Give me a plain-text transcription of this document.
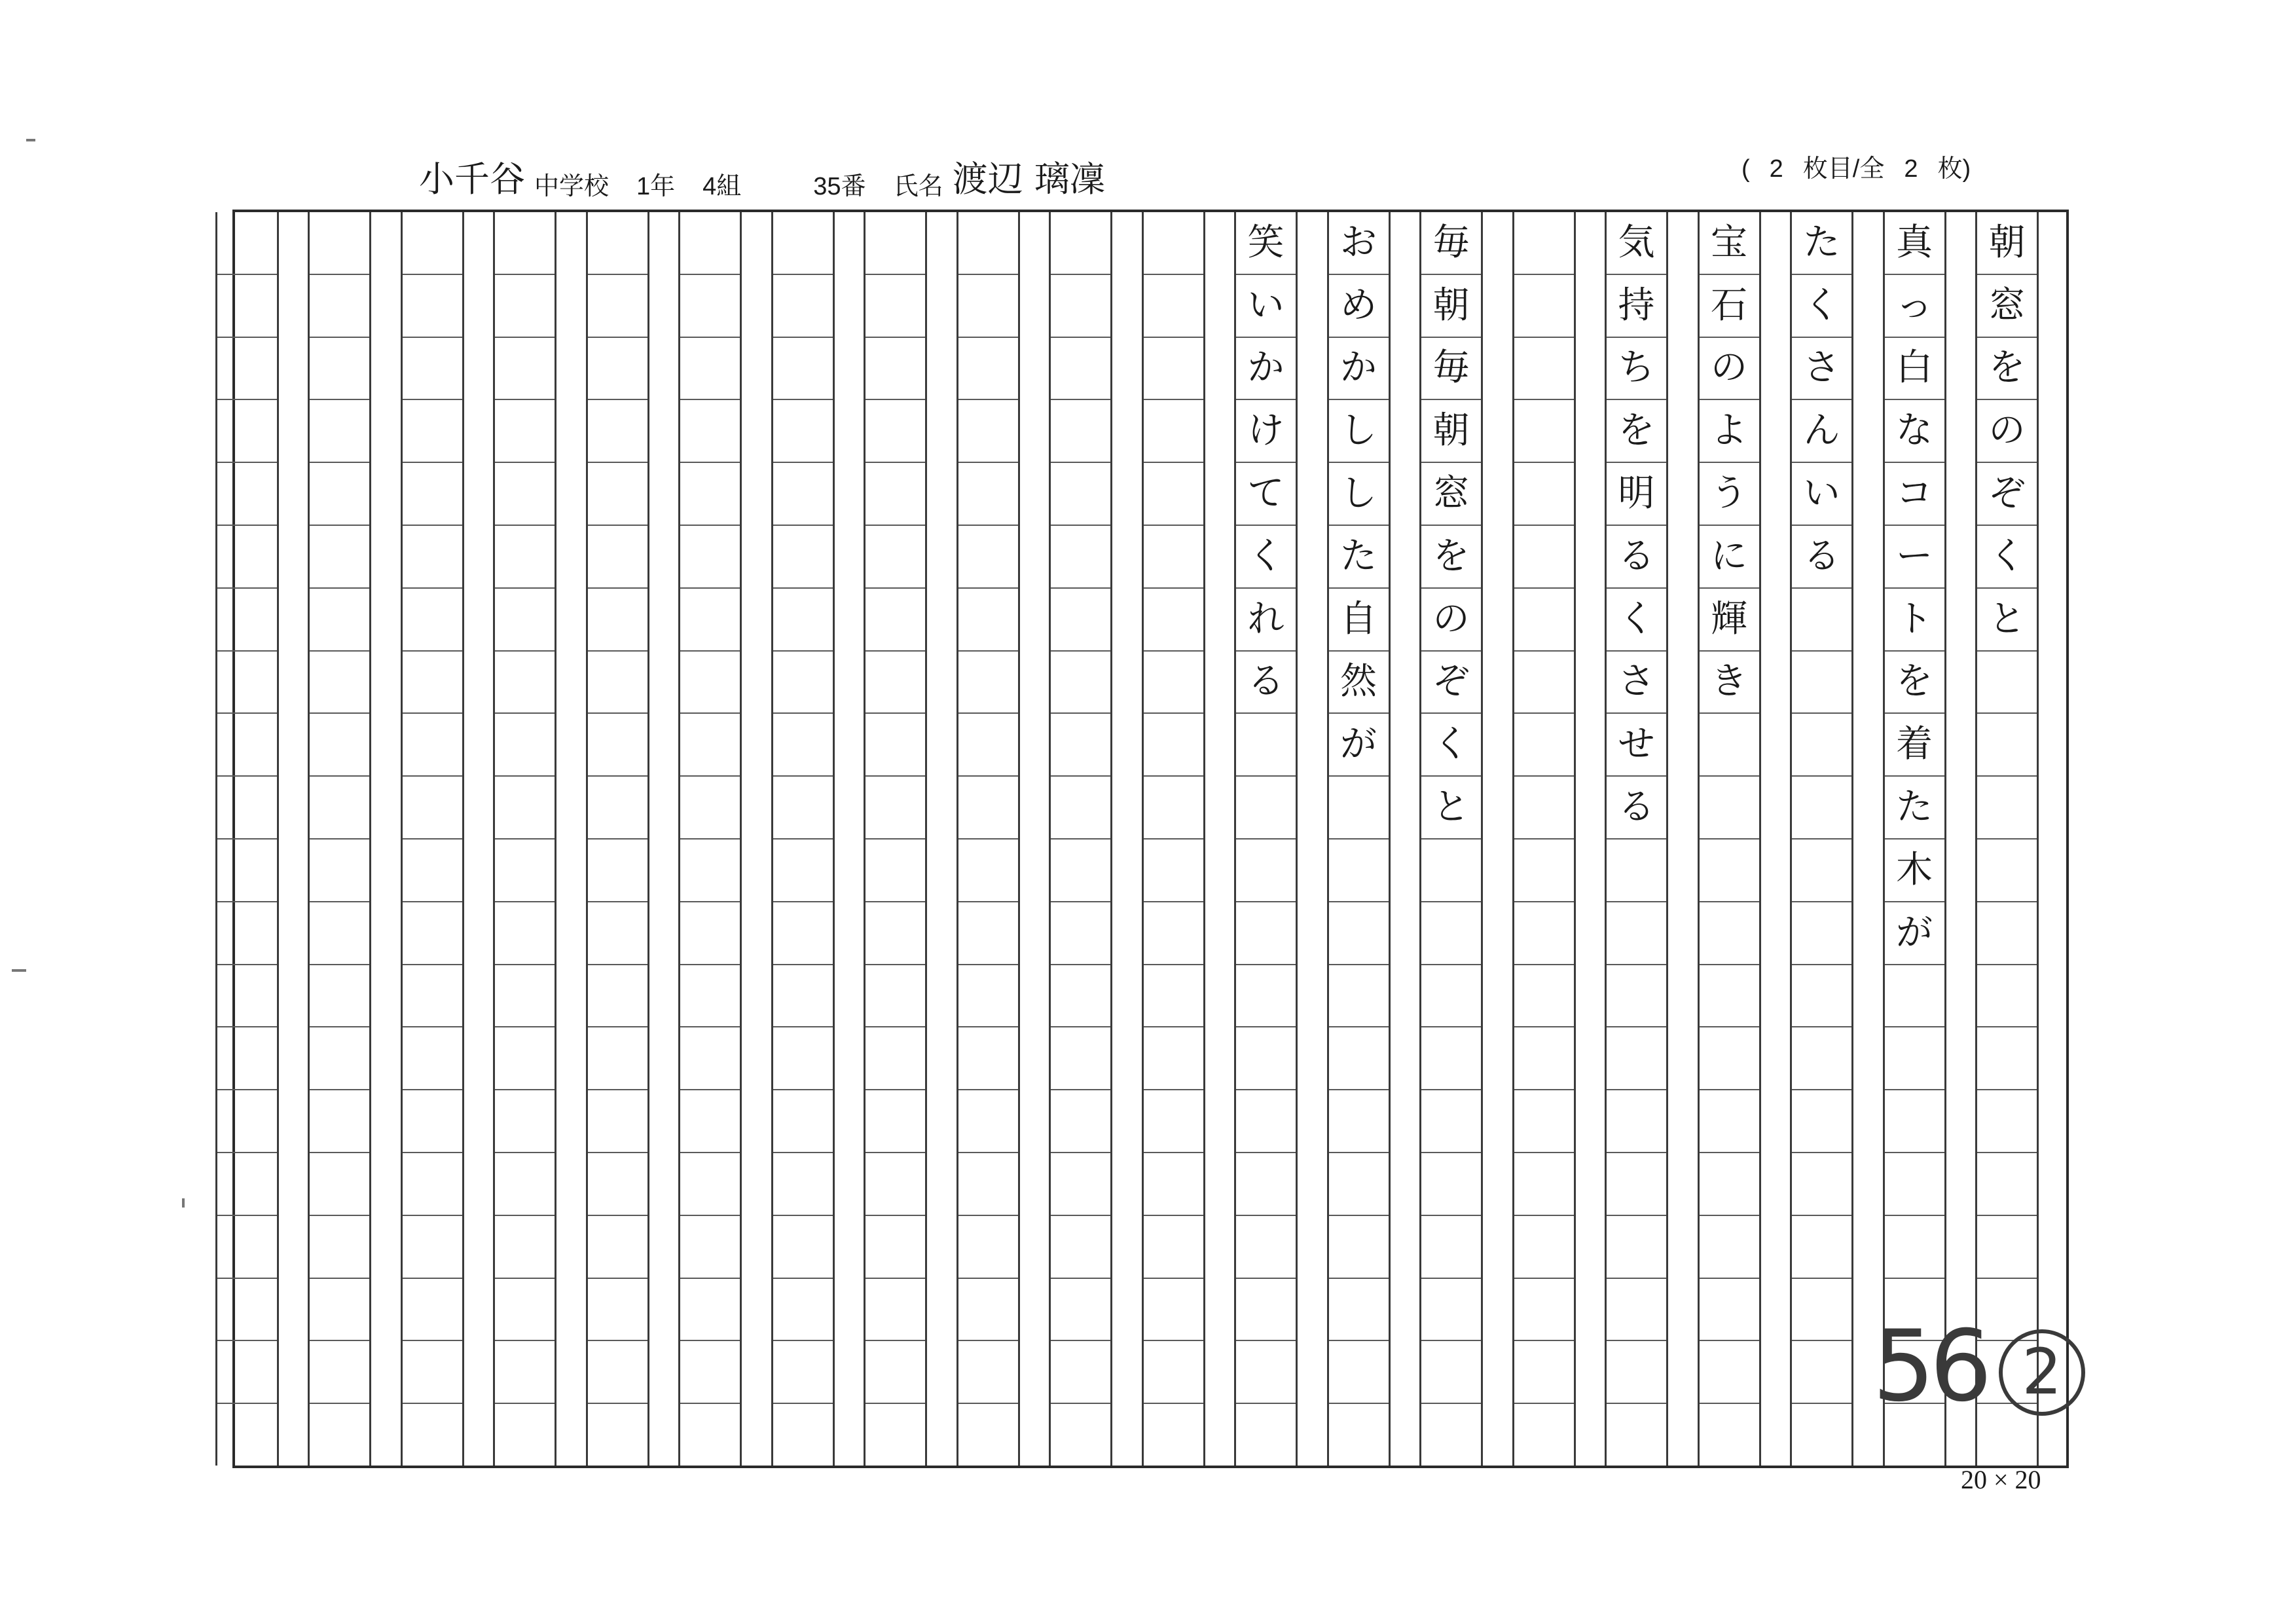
小千谷 中学校 1年 4組	35番 氏名 渡辺 璃凜	( 2 枚目/全 2 枚)
朝
窓
を
の
ぞ
く
と
真
っ
白
な
コ
ー
ト
を
着
た
木
が
た
く
さ
ん
い
る
宝
石
の
よ
う
に
輝
き
気
持
ち
を
明
る
く
さ
せ
る
毎
朝
毎
朝
窓
を
の
ぞ
く
と
お
め
か
し
し
た
自
然
が
笑
い
か
け
て
く
れ
る
56 2
20 × 20
